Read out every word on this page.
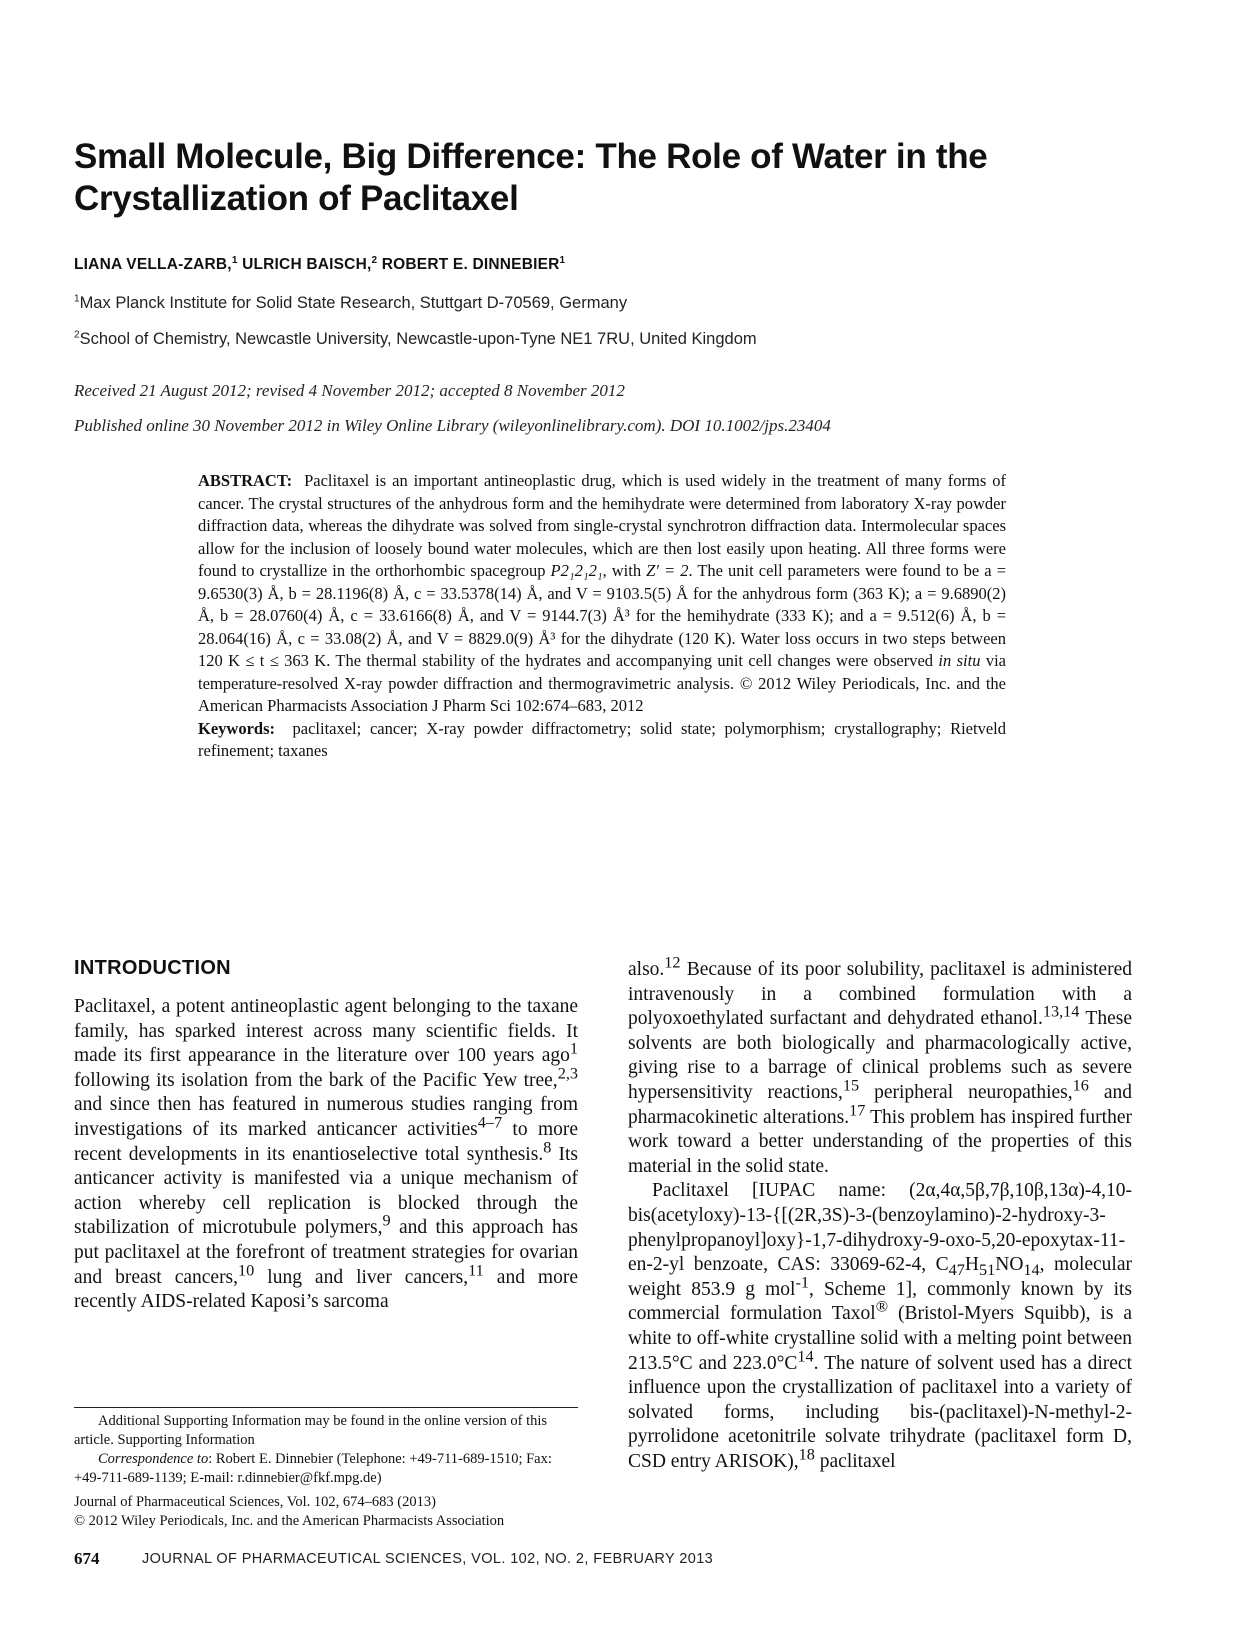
Small Molecule, Big Difference: The Role of Water in the Crystallization of Paclitaxel
LIANA VELLA-ZARB,$^1$ ULRICH BAISCH,$^2$ ROBERT E. DINNEBIER$^1$
$^1$Max Planck Institute for Solid State Research, Stuttgart D-70569, Germany
$^2$School of Chemistry, Newcastle University, Newcastle-upon-Tyne NE1 7RU, United Kingdom
Received 21 August 2012; revised 4 November 2012; accepted 8 November 2012
Published online 30 November 2012 in Wiley Online Library (wileyonlinelibrary.com). DOI 10.1002/jps.23404
ABSTRACT: Paclitaxel is an important antineoplastic drug, which is used widely in the treatment of many forms of cancer. The crystal structures of the anhydrous form and the hemihydrate were determined from laboratory X-ray powder diffraction data, whereas the dihydrate was solved from single-crystal synchrotron diffraction data. Intermolecular spaces allow for the inclusion of loosely bound water molecules, which are then lost easily upon heating. All three forms were found to crystallize in the orthorhombic spacegroup P2₁2₁2₁, with Z′ = 2. The unit cell parameters were found to be a = 9.6530(3) Å, b = 28.1196(8) Å, c = 33.5378(14) Å, and V = 9103.5(5) Å for the anhydrous form (363 K); a = 9.6890(2) Å, b = 28.0760(4) Å, c = 33.6166(8) Å, and V = 9144.7(3) Å³ for the hemihydrate (333 K); and a = 9.512(6) Å, b = 28.064(16) Å, c = 33.08(2) Å, and V = 8829.0(9) Å³ for the dihydrate (120 K). Water loss occurs in two steps between 120 K ≤ t ≤ 363 K. The thermal stability of the hydrates and accompanying unit cell changes were observed in situ via temperature-resolved X-ray powder diffraction and thermogravimetric analysis. © 2012 Wiley Periodicals, Inc. and the American Pharmacists Association J Pharm Sci 102:674–683, 2012
Keywords: paclitaxel; cancer; X-ray powder diffractometry; solid state; polymorphism; crystallography; Rietveld refinement; taxanes
INTRODUCTION
Paclitaxel, a potent antineoplastic agent belonging to the taxane family, has sparked interest across many scientific fields. It made its first appearance in the literature over 100 years ago$^1$ following its isolation from the bark of the Pacific Yew tree,$^{2,3}$ and since then has featured in numerous studies ranging from investigations of its marked anticancer activities$^{4-7}$ to more recent developments in its enantioselective total synthesis.$^8$ Its anticancer activity is manifested via a unique mechanism of action whereby cell replication is blocked through the stabilization of microtubule polymers,$^9$ and this approach has put paclitaxel at the forefront of treatment strategies for ovarian and breast cancers,$^{10}$ lung and liver cancers,$^{11}$ and more recently AIDS-related Kaposi’s sarcoma

also.$^{12}$ Because of its poor solubility, paclitaxel is administered intravenously in a combined formulation with a polyoxoethylated surfactant and dehydrated ethanol.$^{13,14}$ These solvents are both biologically and pharmacologically active, giving rise to a barrage of clinical problems such as severe hypersensitivity reactions,$^{15}$ peripheral neuropathies,$^{16}$ and pharmacokinetic alterations.$^{17}$ This problem has inspired further work toward a better understanding of the properties of this material in the solid state.

Paclitaxel [IUPAC name: (2α,4α,5β,7β,10β,13α)-4,10-bis(acetyloxy)-13-{[(2R,3S)-3-(benzoylamino)-2-hydroxy-3-phenylpropanoyl]oxy}-1,7-dihydroxy-9-oxo-5,20-epoxytax-11-en-2-yl benzoate, CAS: 33069-62-4, $C_{47}H_{51}NO_{14}$, molecular weight 853.9 g mol$^{-1}$, Scheme 1], commonly known by its commercial formulation Taxol® (Bristol-Myers Squibb), is a white to off-white crystalline solid with a melting point between 213.5°C and $223.0^\circ C^{14}$. The nature of solvent used has a direct influence upon the crystallization of paclitaxel into a variety of solvated forms, including bis-(paclitaxel)-N-methyl-2-pyrrolidone acetonitrile solvate trihydrate (paclitaxel form D, CSD entry ARISOK),$^{18}$ paclitaxel

Additional Supporting Information may be found in the online version of this article. Supporting Information
Correspondence to: Robert E. Dinnebier (Telephone: +49-711-689-1510; Fax: +49-711-689-1139; E-mail: r.dinnebier@fkf.mpg.de)
Journal of Pharmaceutical Sciences, Vol. 102, 674–683 (2013)
© 2012 Wiley Periodicals, Inc. and the American Pharmacists Association
674	JOURNAL OF PHARMACEUTICAL SCIENCES, VOL. 102, NO. 2, FEBRUARY 2013
